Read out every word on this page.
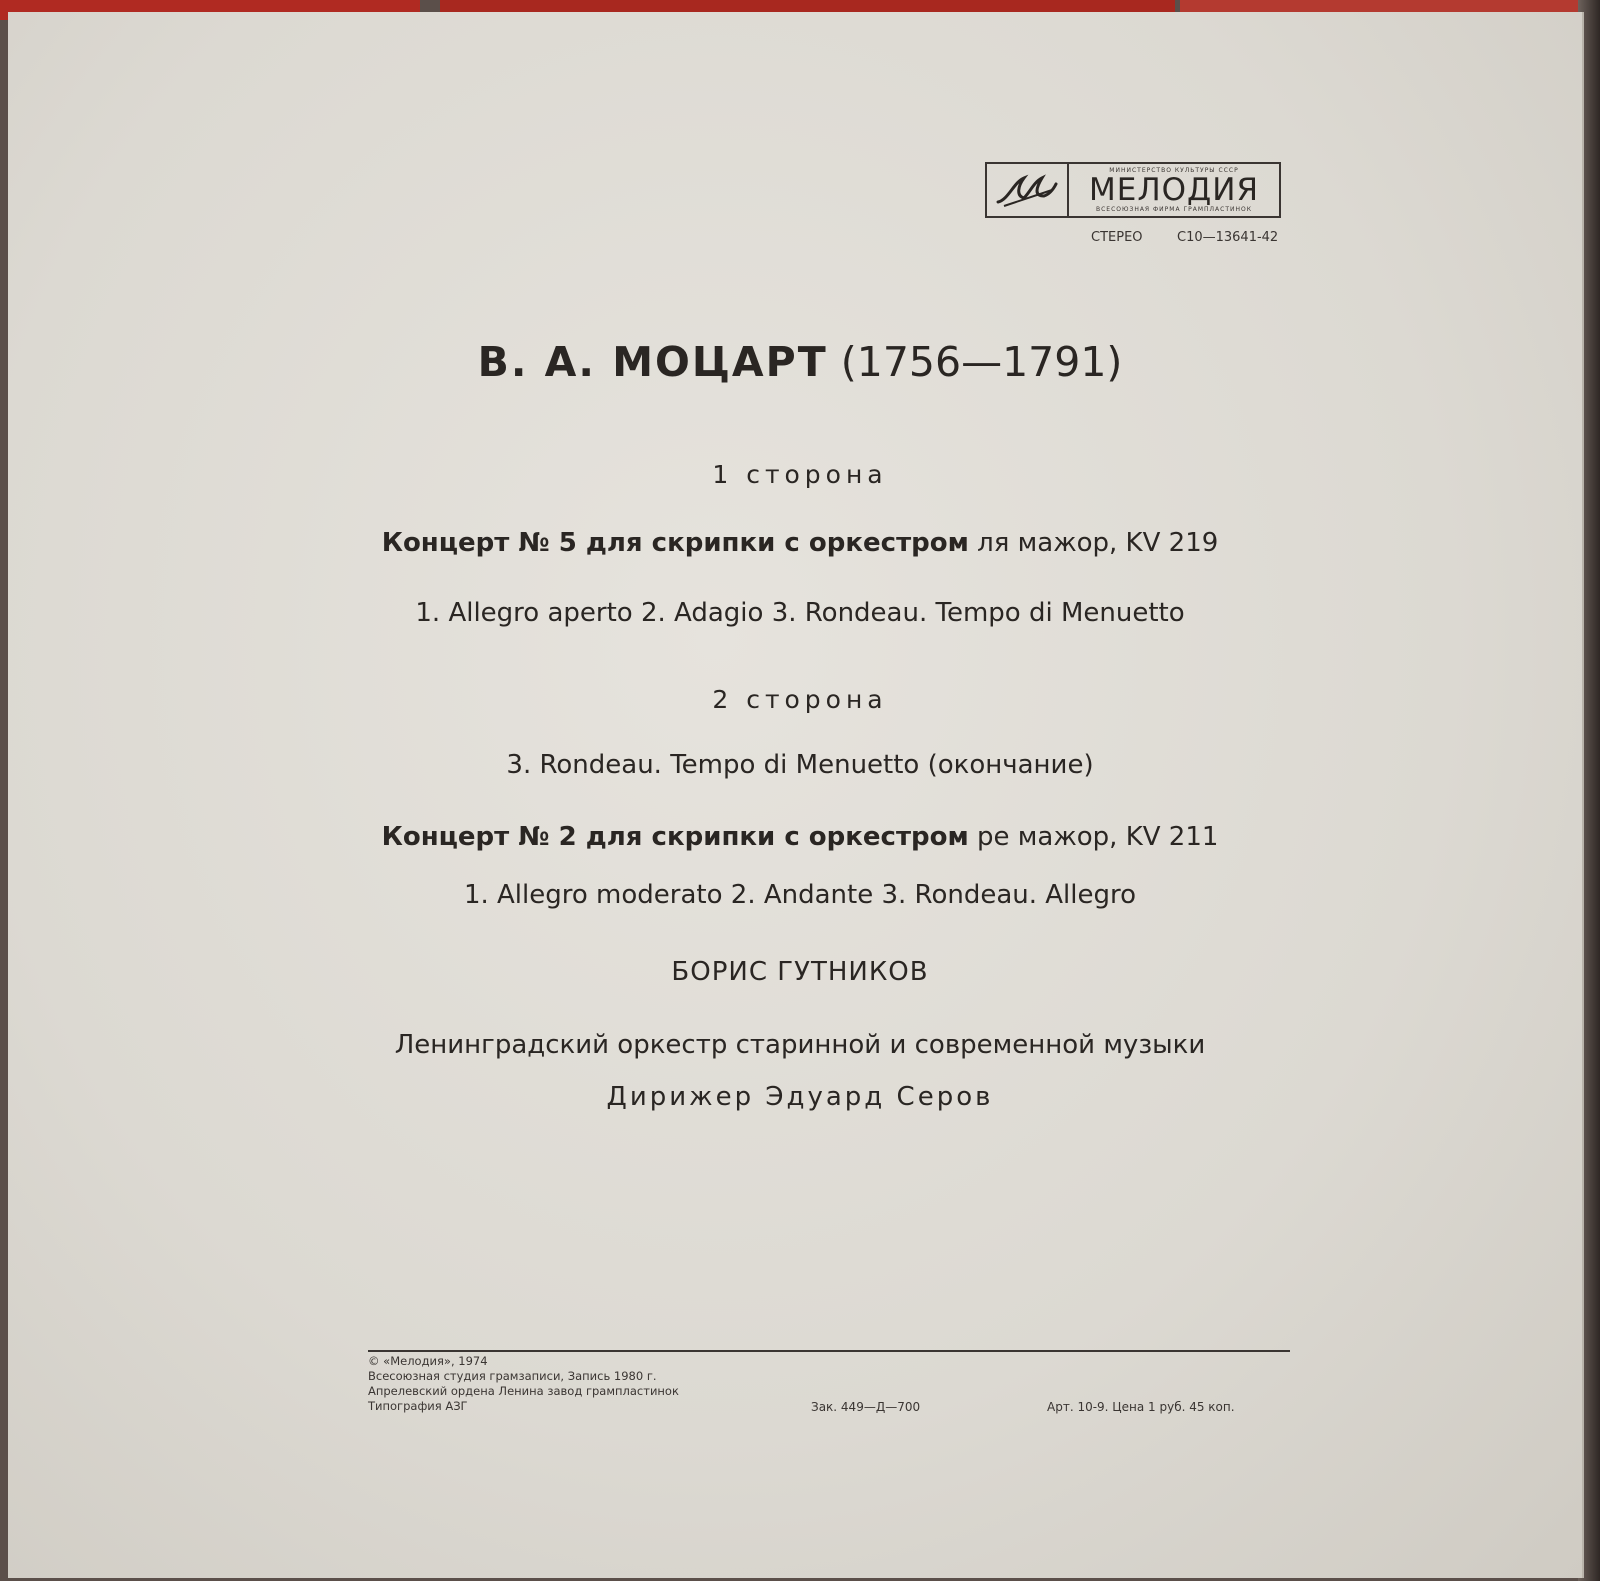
МИНИСТЕРСТВО КУЛЬТУРЫ СССР
МЕЛОДИЯ
ВСЕСОЮЗНАЯ ФИРМА ГРАМПЛАСТИНОК
СТЕРЕО	С10—13641-42
В. А. МОЦАРТ (1756—1791)
1 сторона
Концерт № 5 для скрипки с оркестром ля мажор, KV 219
1. Allegro aperto 2. Adagio 3. Rondeau. Tempo di Menuetto
2 сторона
3. Rondeau. Tempo di Menuetto (окончание)
Концерт № 2 для скрипки с оркестром ре мажор, KV 211
1. Allegro moderato 2. Andante 3. Rondeau. Allegro
БОРИС ГУТНИКОВ
Ленинградский оркестр старинной и современной музыки
Дирижер Эдуард Серов
© «Мелодия», 1974
Всесоюзная студия грамзаписи, Запись 1980 г.
Апрелевский ордена Ленина завод грампластинок
Типография АЗГ	Зак. 449—Д—700	Арт. 10-9. Цена 1 руб. 45 коп.
